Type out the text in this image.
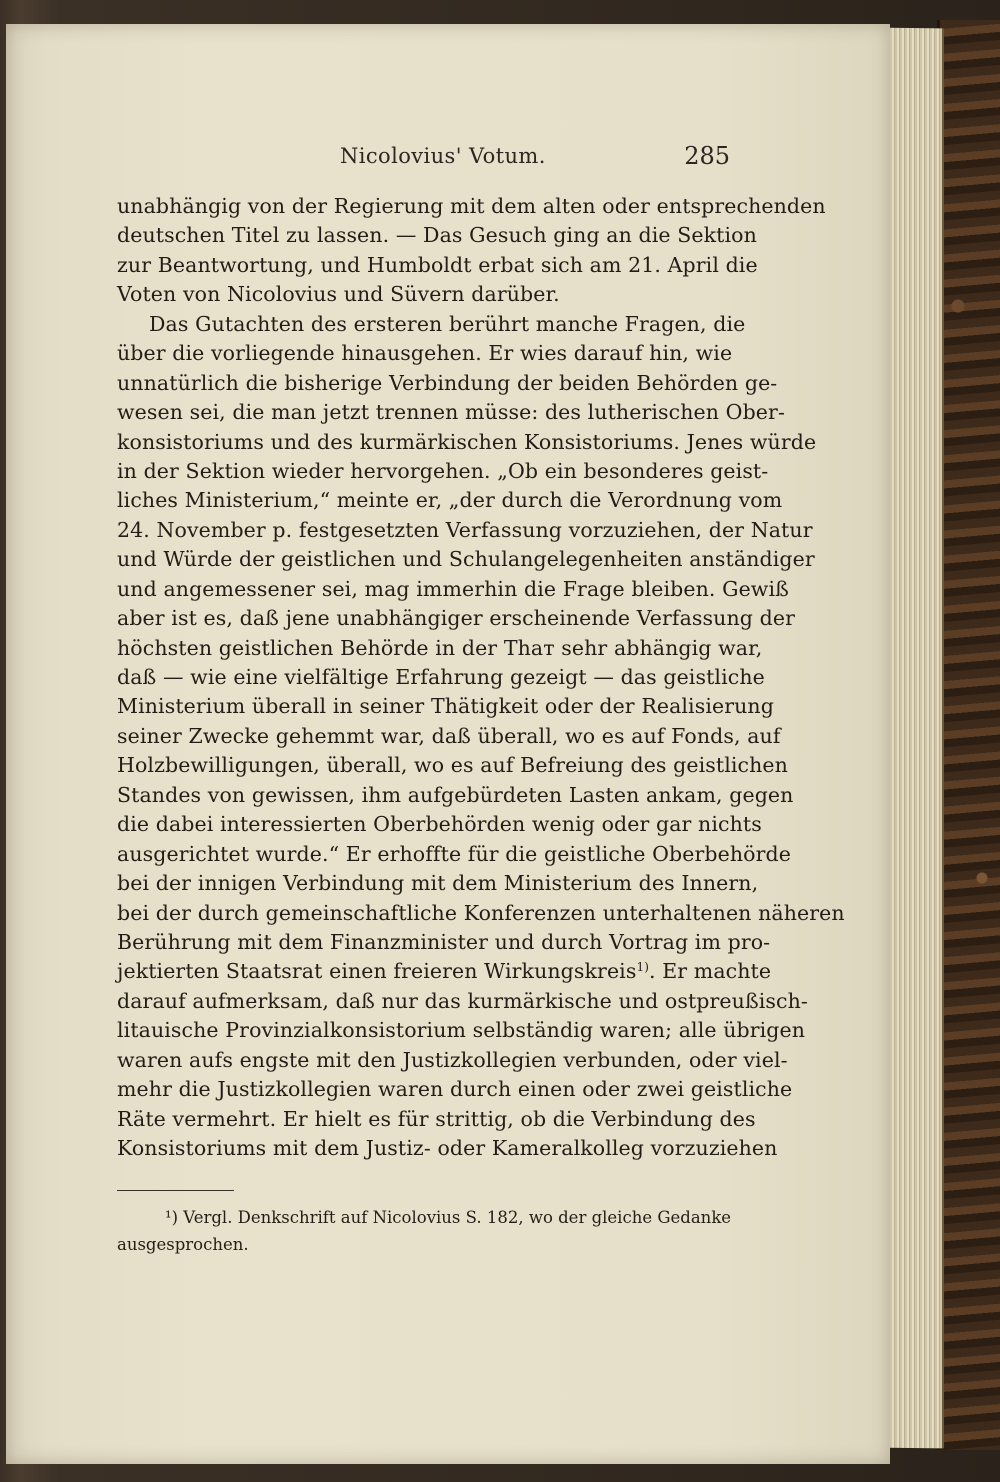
Nicolovius' Votum.	285
unabhängig von der Regierung mit dem alten oder entsprechenden
deutschen Titel zu lassen. — Das Gesuch ging an die Sektion
zur Beantwortung, und Humboldt erbat sich am 21. April die
Voten von Nicolovius und Süvern darüber.
Das Gutachten des ersteren berührt manche Fragen, die
über die vorliegende hinausgehen. Er wies darauf hin, wie
unnatürlich die bisherige Verbindung der beiden Behörden ge-
wesen sei, die man jetzt trennen müsse: des lutherischen Ober-
konsistoriums und des kurmärkischen Konsistoriums. Jenes würde
in der Sektion wieder hervorgehen. „Ob ein besonderes geist-
liches Ministerium,“ meinte er, „der durch die Verordnung vom
24. November p. festgesetzten Verfassung vorzuziehen, der Natur
und Würde der geistlichen und Schulangelegenheiten anständiger
und angemessener sei, mag immerhin die Frage bleiben. Gewiß
aber ist es, daß jene unabhängiger erscheinende Verfassung der
höchsten geistlichen Behörde in der Thaт sehr abhängig war,
daß — wie eine vielfältige Erfahrung gezeigt — das geistliche
Ministerium überall in seiner Thätigkeit oder der Realisierung
seiner Zwecke gehemmt war, daß überall, wo es auf Fonds, auf
Holzbewilligungen, überall, wo es auf Befreiung des geistlichen
Standes von gewissen, ihm aufgebürdeten Lasten ankam, gegen
die dabei interessierten Oberbehörden wenig oder gar nichts
ausgerichtet wurde.“ Er erhoffte für die geistliche Oberbehörde
bei der innigen Verbindung mit dem Ministerium des Innern,
bei der durch gemeinschaftliche Konferenzen unterhaltenen näheren
Berührung mit dem Finanzminister und durch Vortrag im pro-
jektierten Staatsrat einen freieren Wirkungskreis$^{1)}$. Er machte
darauf aufmerksam, daß nur das kurmärkische und ostpreußisch-
litauische Provinzialkonsistorium selbständig waren; alle übrigen
waren aufs engste mit den Justizkollegien verbunden, oder viel-
mehr die Justizkollegien waren durch einen oder zwei geistliche
Räte vermehrt. Er hielt es für strittig, ob die Verbindung des
Konsistoriums mit dem Justiz- oder Kameralkolleg vorzuziehen
¹) Vergl. Denkschrift auf Nicolovius S. 182, wo der gleiche Gedanke
ausgesprochen.
